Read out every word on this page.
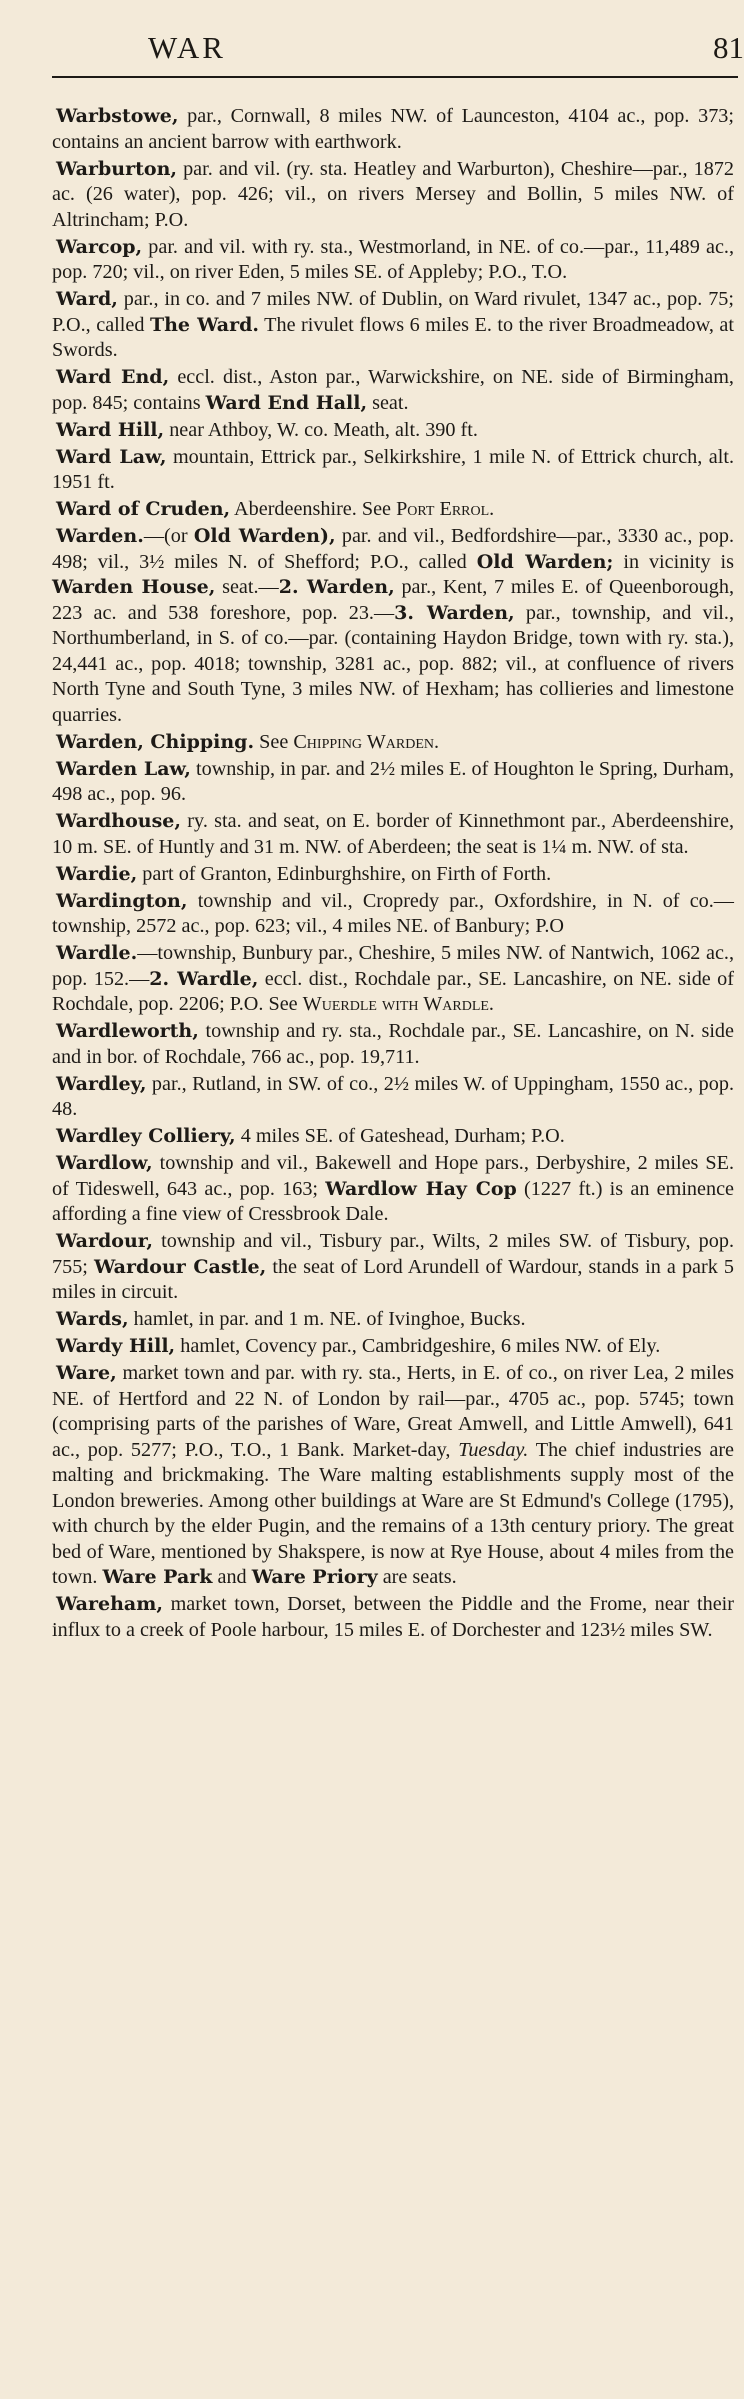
WAR	81

Warbstowe, par., Cornwall, 8 miles NW. of Launceston, 4104 ac., pop. 373; contains an ancient barrow with earthwork.

Warburton, par. and vil. (ry. sta. Heatley and Warburton), Cheshire—par., 1872 ac. (26 water), pop. 426; vil., on rivers Mersey and Bollin, 5 miles NW. of Altrincham; P.O.

Warcop, par. and vil. with ry. sta., Westmorland, in NE. of co.—par., 11,489 ac., pop. 720; vil., on river Eden, 5 miles SE. of Appleby; P.O., T.O.

Ward, par., in co. and 7 miles NW. of Dublin, on Ward rivulet, 1347 ac., pop. 75; P.O., called The Ward. The rivulet flows 6 miles E. to the river Broadmeadow, at Swords.

Ward End, eccl. dist., Aston par., Warwickshire, on NE. side of Birmingham, pop. 845; contains Ward End Hall, seat.

Ward Hill, near Athboy, W. co. Meath, alt. 390 ft.

Ward Law, mountain, Ettrick par., Selkirkshire, 1 mile N. of Ettrick church, alt. 1951 ft.

Ward of Cruden, Aberdeenshire. See Port Errol.

Warden.—(or Old Warden), par. and vil., Bedfordshire—par., 3330 ac., pop. 498; vil., 3½ miles N. of Shefford; P.O., called Old Warden; in vicinity is Warden House, seat.—2. Warden, par., Kent, 7 miles E. of Queenborough, 223 ac. and 538 foreshore, pop. 23.—3. Warden, par., township, and vil., Northumberland, in S. of co.—par. (containing Haydon Bridge, town with ry. sta.), 24,441 ac., pop. 4018; township, 3281 ac., pop. 882; vil., at confluence of rivers North Tyne and South Tyne, 3 miles NW. of Hexham; has collieries and limestone quarries.

Warden, Chipping. See Chipping Warden.

Warden Law, township, in par. and 2½ miles E. of Houghton le Spring, Durham, 498 ac., pop. 96.

Wardhouse, ry. sta. and seat, on E. border of Kinnethmont par., Aberdeenshire, 10 m. SE. of Huntly and 31 m. NW. of Aberdeen; the seat is 1¼ m. NW. of sta.

Wardie, part of Granton, Edinburghshire, on Firth of Forth.

Wardington, township and vil., Cropredy par., Oxfordshire, in N. of co.—township, 2572 ac., pop. 623; vil., 4 miles NE. of Banbury; P.O

Wardle.—township, Bunbury par., Cheshire, 5 miles NW. of Nantwich, 1062 ac., pop. 152.—2. Wardle, eccl. dist., Rochdale par., SE. Lancashire, on NE. side of Rochdale, pop. 2206; P.O. See Wuerdle with Wardle.

Wardleworth, township and ry. sta., Rochdale par., SE. Lancashire, on N. side and in bor. of Rochdale, 766 ac., pop. 19,711.

Wardley, par., Rutland, in SW. of co., 2½ miles W. of Uppingham, 1550 ac., pop. 48.

Wardley Colliery, 4 miles SE. of Gateshead, Durham; P.O.

Wardlow, township and vil., Bakewell and Hope pars., Derbyshire, 2 miles SE. of Tideswell, 643 ac., pop. 163; Wardlow Hay Cop (1227 ft.) is an eminence affording a fine view of Cressbrook Dale.

Wardour, township and vil., Tisbury par., Wilts, 2 miles SW. of Tisbury, pop. 755; Wardour Castle, the seat of Lord Arundell of Wardour, stands in a park 5 miles in circuit.

Wards, hamlet, in par. and 1 m. NE. of Ivinghoe, Bucks.

Wardy Hill, hamlet, Covency par., Cambridgeshire, 6 miles NW. of Ely.

Ware, market town and par. with ry. sta., Herts, in E. of co., on river Lea, 2 miles NE. of Hertford and 22 N. of London by rail—par., 4705 ac., pop. 5745; town (comprising parts of the parishes of Ware, Great Amwell, and Little Amwell), 641 ac., pop. 5277; P.O., T.O., 1 Bank. Market-day, Tuesday. The chief industries are malting and brickmaking. The Ware malting establishments supply most of the London breweries. Among other buildings at Ware are St Edmund's College (1795), with church by the elder Pugin, and the remains of a 13th century priory. The great bed of Ware, mentioned by Shakspere, is now at Rye House, about 4 miles from the town. Ware Park and Ware Priory are seats.

Wareham, market town, Dorset, between the Piddle and the Frome, near their influx to a creek of Poole harbour, 15 miles E. of Dorchester and 123½ miles SW.
